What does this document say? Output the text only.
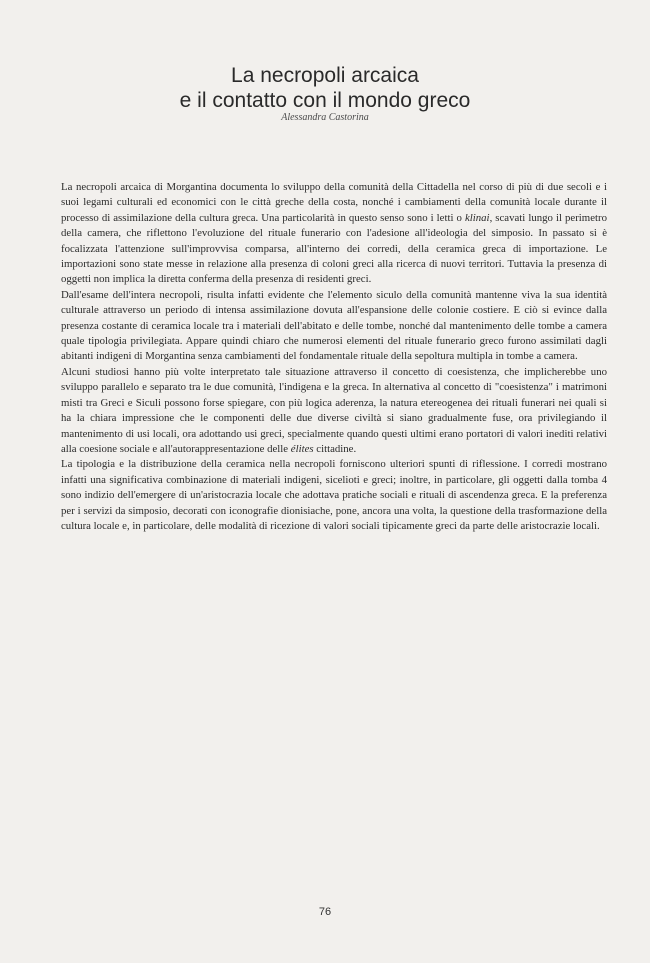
La necropoli arcaica
e il contatto con il mondo greco
Alessandra Castorina

La necropoli arcaica di Morgantina documenta lo sviluppo della comunità della Cittadella nel corso di più di due secoli e i suoi legami culturali ed economici con le città greche della costa, nonché i cambiamenti della comunità locale durante il processo di assimilazione della cultura greca. Una particolarità in questo senso sono i letti o klinai, scavati lungo il perimetro della camera, che riflettono l'evoluzione del rituale funerario con l'adesione all'ideologia del simposio. In passato si è focalizzata l'attenzione sull'improvvisa comparsa, all'interno dei corredi, della ceramica greca di importazione. Le importazioni sono state messe in relazione alla presenza di coloni greci alla ricerca di nuovi territori. Tuttavia la presenza di oggetti non implica la diretta conferma della presenza di residenti greci.

Dall'esame dell'intera necropoli, risulta infatti evidente che l'elemento siculo della comunità mantenne viva la sua identità culturale attraverso un periodo di intensa assimilazione dovuta all'espansione delle colonie costiere. E ciò si evince dalla presenza costante di ceramica locale tra i materiali dell'abitato e delle tombe, nonché dal mantenimento delle tombe a camera quale tipologia privilegiata. Appare quindi chiaro che numerosi elementi del rituale funerario greco furono assimilati dagli abitanti indigeni di Morgantina senza cambiamenti del fondamentale rituale della sepoltura multipla in tombe a camera.

Alcuni studiosi hanno più volte interpretato tale situazione attraverso il concetto di coesistenza, che implicherebbe uno sviluppo parallelo e separato tra le due comunità, l'indigena e la greca. In alternativa al concetto di "coesistenza" i matrimoni misti tra Greci e Siculi possono forse spiegare, con più logica aderenza, la natura etereogenea dei rituali funerari nei quali si ha la chiara impressione che le componenti delle due diverse civiltà si siano gradualmente fuse, ora privilegiando il mantenimento di usi locali, ora adottando usi greci, specialmente quando questi ultimi erano portatori di valori inediti relativi alla coesione sociale e all'autorappresentazione delle élites cittadine.

La tipologia e la distribuzione della ceramica nella necropoli forniscono ulteriori spunti di riflessione. I corredi mostrano infatti una significativa combinazione di materiali indigeni, sicelioti e greci; inoltre, in particolare, gli oggetti dalla tomba 4 sono indizio dell'emergere di un'aristocrazia locale che adottava pratiche sociali e rituali di ascendenza greca. E la preferenza per i servizi da simposio, decorati con iconografie dionisiache, pone, ancora una volta, la questione della trasformazione della cultura locale e, in particolare, delle modalità di ricezione di valori sociali tipicamente greci da parte delle aristocrazie locali.

76
